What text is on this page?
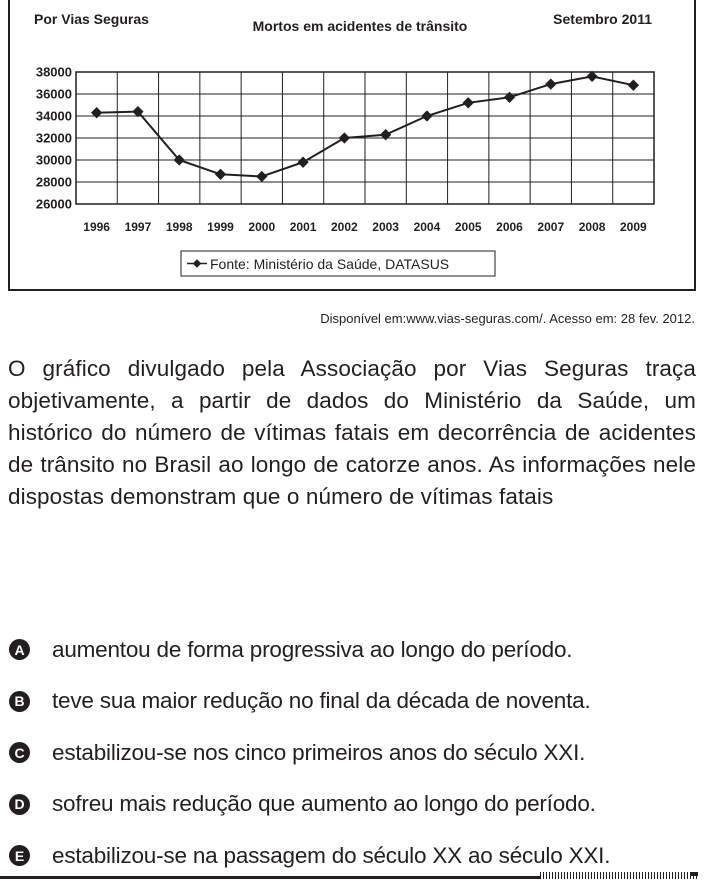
Por Vias Seguras	Mortos em acidentes de trânsito	Setembro 2011
38000
36000
34000
32000
30000
28000
26000
1996 1997 1998 1999 2000 2001 2002 2003 2004 2005 2006 2007 2008 2009
Fonte: Ministério da Saúde, DATASUS
Disponível em:www.vias-seguras.com/. Acesso em: 28 fev. 2012.
O gráfico divulgado pela Associação por Vias Seguras traça objetivamente, a partir de dados do Ministério da Saúde, um histórico do número de vítimas fatais em decorrência de acidentes de trânsito no Brasil ao longo de catorze anos. As informações nele dispostas demonstram que o número de vítimas fatais
A aumentou de forma progressiva ao longo do período.
B teve sua maior redução no final da década de noventa.
C estabilizou-se nos cinco primeiros anos do século XXI.
D sofreu mais redução que aumento ao longo do período.
E estabilizou-se na passagem do século XX ao século XXI.
